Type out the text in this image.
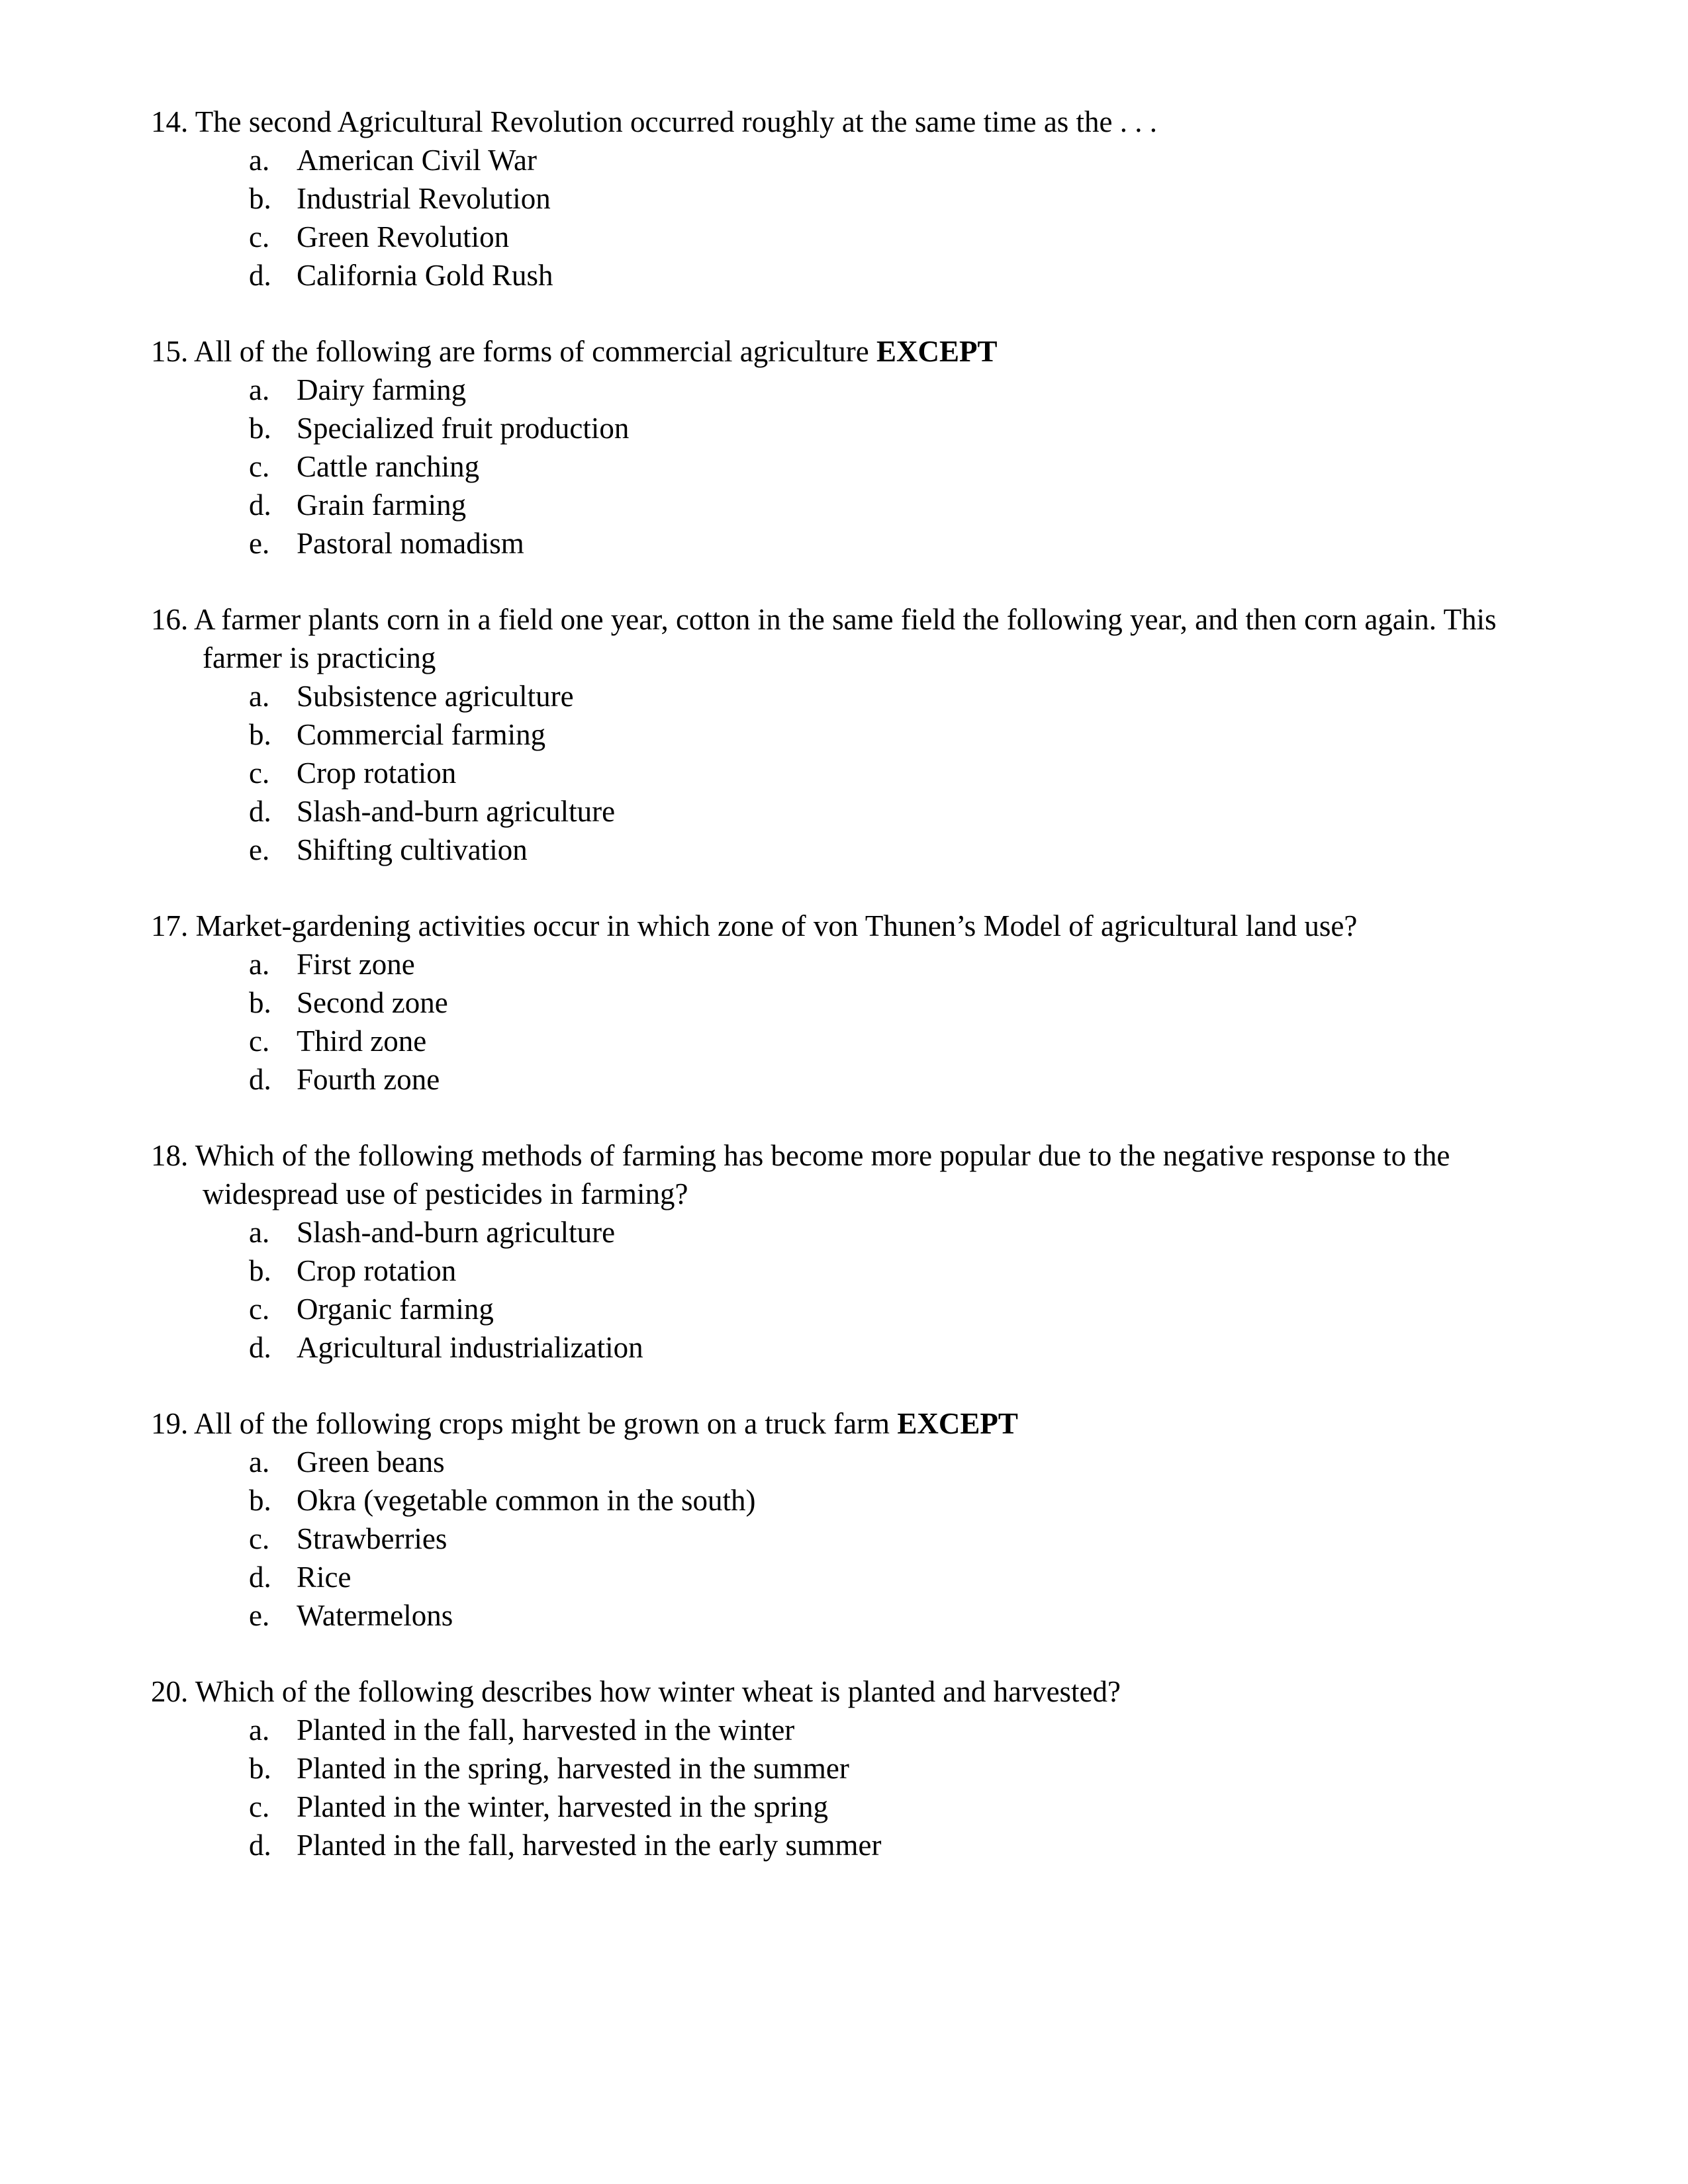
14. The second Agricultural Revolution occurred roughly at the same time as the . . .

a. American Civil War
b. Industrial Revolution
c. Green Revolution
d. California Gold Rush

15. All of the following are forms of commercial agriculture EXCEPT

a. Dairy farming
b. Specialized fruit production
c. Cattle ranching
d. Grain farming
e. Pastoral nomadism

16. A farmer plants corn in a field one year, cotton in the same field the following year, and then corn again. This farmer is practicing

a. Subsistence agriculture
b. Commercial farming
c. Crop rotation
d. Slash-and-burn agriculture
e. Shifting cultivation

17. Market-gardening activities occur in which zone of von Thunen’s Model of agricultural land use?

a. First zone
b. Second zone
c. Third zone
d. Fourth zone

18. Which of the following methods of farming has become more popular due to the negative response to the widespread use of pesticides in farming?

a. Slash-and-burn agriculture
b. Crop rotation
c. Organic farming
d. Agricultural industrialization

19. All of the following crops might be grown on a truck farm EXCEPT

a. Green beans
b. Okra (vegetable common in the south)
c. Strawberries
d. Rice
e. Watermelons

20. Which of the following describes how winter wheat is planted and harvested?

a. Planted in the fall, harvested in the winter
b. Planted in the spring, harvested in the summer
c. Planted in the winter, harvested in the spring
d. Planted in the fall, harvested in the early summer
